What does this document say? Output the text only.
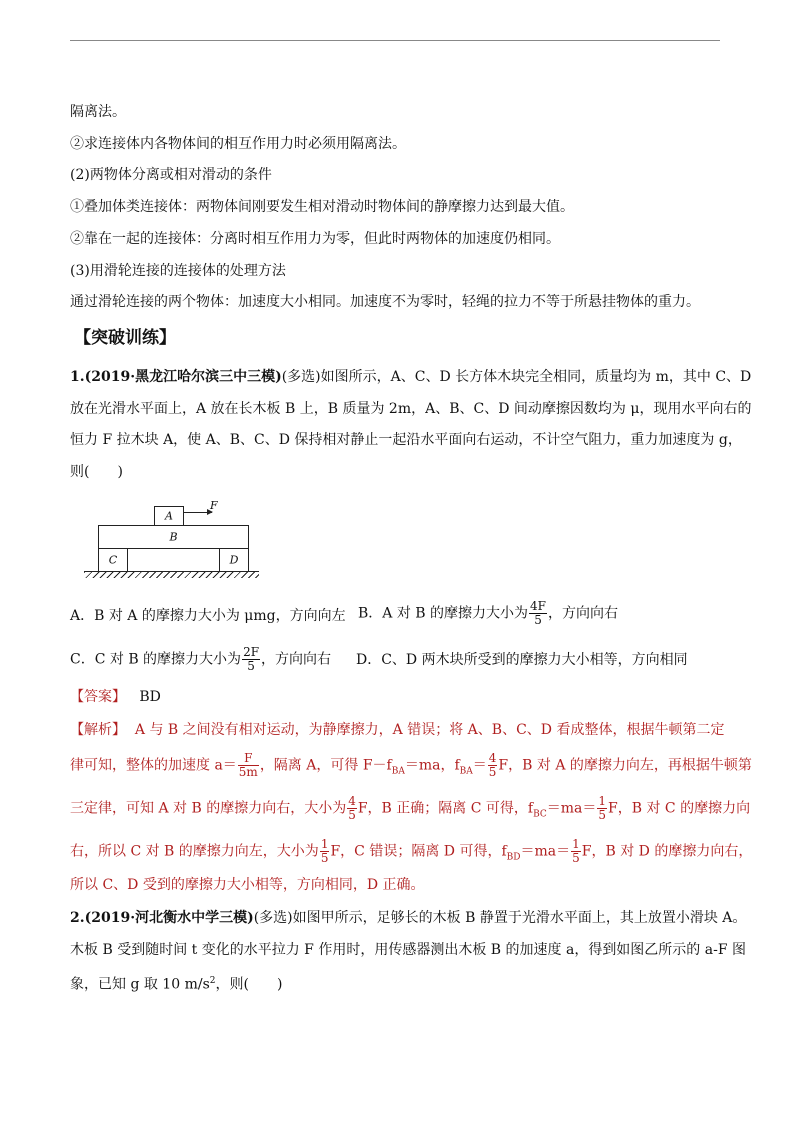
隔离法。
②求连接体内各物体间的相互作用力时必须用隔离法。
(2)两物体分离或相对滑动的条件
①叠加体类连接体：两物体间刚要发生相对滑动时物体间的静摩擦力达到最大值。
②靠在一起的连接体：分离时相互作用力为零，但此时两物体的加速度仍相同。
(3)用滑轮连接的连接体的处理方法
通过滑轮连接的两个物体：加速度大小相同。加速度不为零时，轻绳的拉力不等于所悬挂物体的重力。
【突破训练】
1.(2019·黑龙江哈尔滨三中三模)(多选)如图所示，A、C、D 长方体木块完全相同，质量均为 m，其中 C、D
放在光滑水平面上，A 放在长木板 B 上，B 质量为 2m，A、B、C、D 间动摩擦因数均为 μ，现用水平向右的
恒力 F 拉木块 A，使 A、B、C、D 保持相对静止一起沿水平面向右运动，不计空气阻力，重力加速度为 g，
则(　　)
A
F
B
C	D
A．B 对 A 的摩擦力大小为 μmg，方向向左 B．A 对 B 的摩擦力大小为 $\frac{4F}{5}$ ，方向向右
C．C 对 B 的摩擦力大小为 $\frac{2F}{5}$ ，方向向右 D．C、D 两木块所受到的摩擦力大小相等，方向相同
【答案】 BD
【解析】 A 与 B 之间没有相对运动，为静摩擦力，A 错误；将 A、B、C、D 看成整体，根据牛顿第二定
律可知，整体的加速度 $a= \frac{F}{5m}$ ，隔离 A，可得 $F-f_{BA}=ma$，$f_{BA}= \frac{4}{5}$ F，B 对 A 的摩擦力向左，再根据牛顿第
三定律，可知 A 对 B 的摩擦力向右，大小为 $\frac{4}{5}$ F，B 正确；隔离 C 可得，$f_{BC}=ma= \frac{1}{5}$ F，B 对 C 的摩擦力向
右，所以 C 对 B 的摩擦力向左，大小为 $\frac{1}{5}$ F，C 错误；隔离 D 可得，$f_{BD}=ma= \frac{1}{5}$ F，B 对 D 的摩擦力向右，
所以 C、D 受到的摩擦力大小相等，方向相同，D 正确。
2.(2019·河北衡水中学三模)(多选)如图甲所示，足够长的木板 B 静置于光滑水平面上，其上放置小滑块 A。
木板 B 受到随时间 t 变化的水平拉力 F 作用时，用传感器测出木板 B 的加速度 a，得到如图乙所示的 a-F 图
象，已知 g 取 10 $m/s^2$，则(　　)
